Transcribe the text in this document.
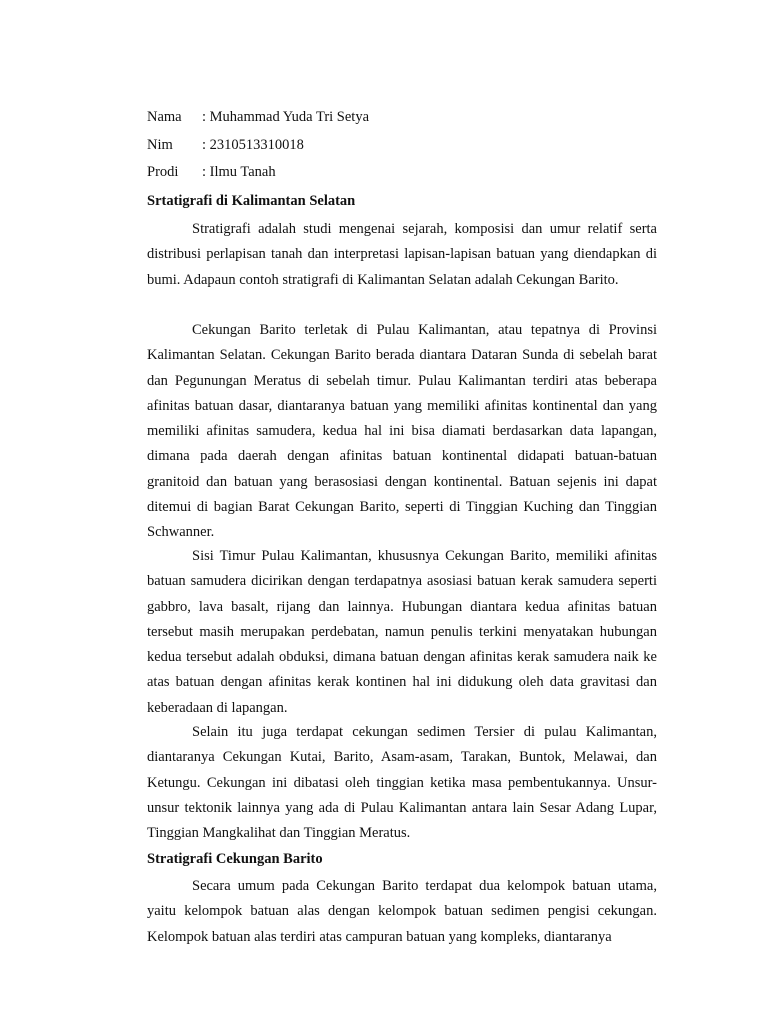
Nama	: Muhammad Yuda Tri Setya
Nim	: 2310513310018
Prodi	: Ilmu Tanah
Srtatigrafi di Kalimantan Selatan

Stratigrafi adalah studi mengenai sejarah, komposisi dan umur relatif serta distribusi perlapisan tanah dan interpretasi lapisan-lapisan batuan yang diendapkan di bumi. Adapaun contoh stratigrafi di Kalimantan Selatan adalah Cekungan Barito.

Cekungan Barito terletak di Pulau Kalimantan, atau tepatnya di Provinsi Kalimantan Selatan. Cekungan Barito berada diantara Dataran Sunda di sebelah barat dan Pegunungan Meratus di sebelah timur. Pulau Kalimantan terdiri atas beberapa afinitas batuan dasar, diantaranya batuan yang memiliki afinitas kontinental dan yang memiliki afinitas samudera, kedua hal ini bisa diamati berdasarkan data lapangan, dimana pada daerah dengan afinitas batuan kontinental didapati batuan-batuan granitoid dan batuan yang berasosiasi dengan kontinental. Batuan sejenis ini dapat ditemui di bagian Barat Cekungan Barito, seperti di Tinggian Kuching dan Tinggian Schwanner.

Sisi Timur Pulau Kalimantan, khususnya Cekungan Barito, memiliki afinitas batuan samudera dicirikan dengan terdapatnya asosiasi batuan kerak samudera seperti gabbro, lava basalt, rijang dan lainnya. Hubungan diantara kedua afinitas batuan tersebut masih merupakan perdebatan, namun penulis terkini menyatakan hubungan kedua tersebut adalah obduksi, dimana batuan dengan afinitas kerak samudera naik ke atas batuan dengan afinitas kerak kontinen hal ini didukung oleh data gravitasi dan keberadaan di lapangan.

Selain itu juga terdapat cekungan sedimen Tersier di pulau Kalimantan, diantaranya Cekungan Kutai, Barito, Asam-asam, Tarakan, Buntok, Melawai, dan Ketungu. Cekungan ini dibatasi oleh tinggian ketika masa pembentukannya. Unsur-unsur tektonik lainnya yang ada di Pulau Kalimantan antara lain Sesar Adang Lupar, Tinggian Mangkalihat dan Tinggian Meratus.

Stratigrafi Cekungan Barito

Secara umum pada Cekungan Barito terdapat dua kelompok batuan utama, yaitu kelompok batuan alas dengan kelompok batuan sedimen pengisi cekungan. Kelompok batuan alas terdiri atas campuran batuan yang kompleks, diantaranya
